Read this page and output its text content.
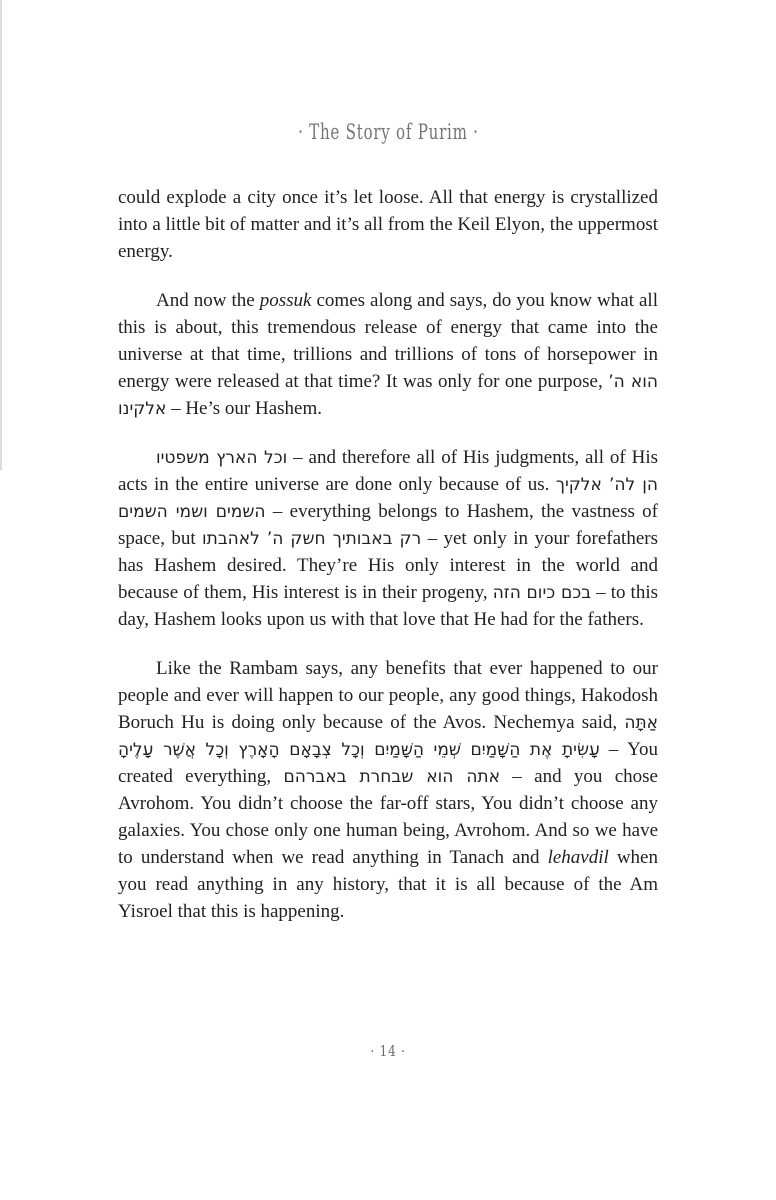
· The Story of Purim ·

could explode a city once it’s let loose. All that energy is crystallized into a little bit of matter and it’s all from the Keil Elyon, the uppermost energy.

And now the possuk comes along and says, do you know what all this is about, this tremendous release of energy that came into the universe at that time, trillions and trillions of tons of horsepower in energy were released at that time? It was only for one purpose, הוא ה’ אלקינו – He’s our Hashem.

וכל הארץ משפטיו – and therefore all of His judgments, all of His acts in the entire universe are done only because of us. הן לה’ אלקיך השמים ושמי השמים – everything belongs to Hashem, the vastness of space, but רק באבותיך חשק ה’ לאהבתו – yet only in your forefathers has Hashem desired. They’re His only interest in the world and because of them, His interest is in their progeny, בכם כיום הזה – to this day, Hashem looks upon us with that love that He had for the fathers.

Like the Rambam says, any benefits that ever happened to our people and ever will happen to our people, any good things, Hakodosh Boruch Hu is doing only because of the Avos. Nechemya said, אַתָּה עָשִׂיתָ אֶת הַשָּׁמַיִם שְׁמֵי הַשָּׁמַיִם וְכָל צְבָאָם הָאָרֶץ וְכָל אֲשֶׁר עָלֶיהָ – You created everything, אתה הוא שבחרת באברהם – and you chose Avrohom. You didn’t choose the far-off stars, You didn’t choose any galaxies. You chose only one human being, Avrohom. And so we have to understand when we read anything in Tanach and lehavdil when you read anything in any history, that it is all because of the Am Yisroel that this is happening.

· 14 ·
